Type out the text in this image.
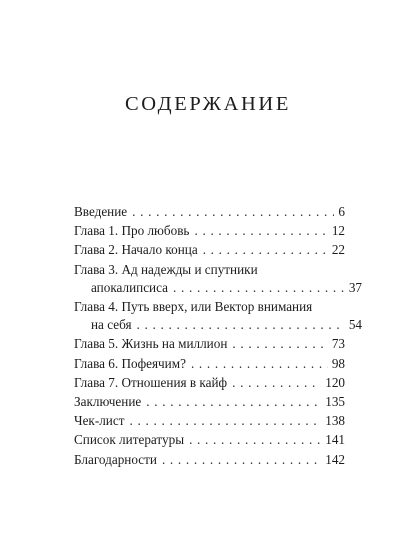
СОДЕРЖАНИЕ
Введение . . .	6
Глава 1. Про любовь . . .	12
Глава 2. Начало конца . . .	22
Глава 3. Ад надежды и спутники
апокалипсиса . . .	37
Глава 4. Путь вверх, или Вектор внимания
на себя . . .	54
Глава 5. Жизнь на миллион . . .	73
Глава 6. Пофеячим? . . .	98
Глава 7. Отношения в кайф . . .	120
Заключение . . .	135
Чек-лист . . .	138
Список литературы . . .	141
Благодарности . . .	142
